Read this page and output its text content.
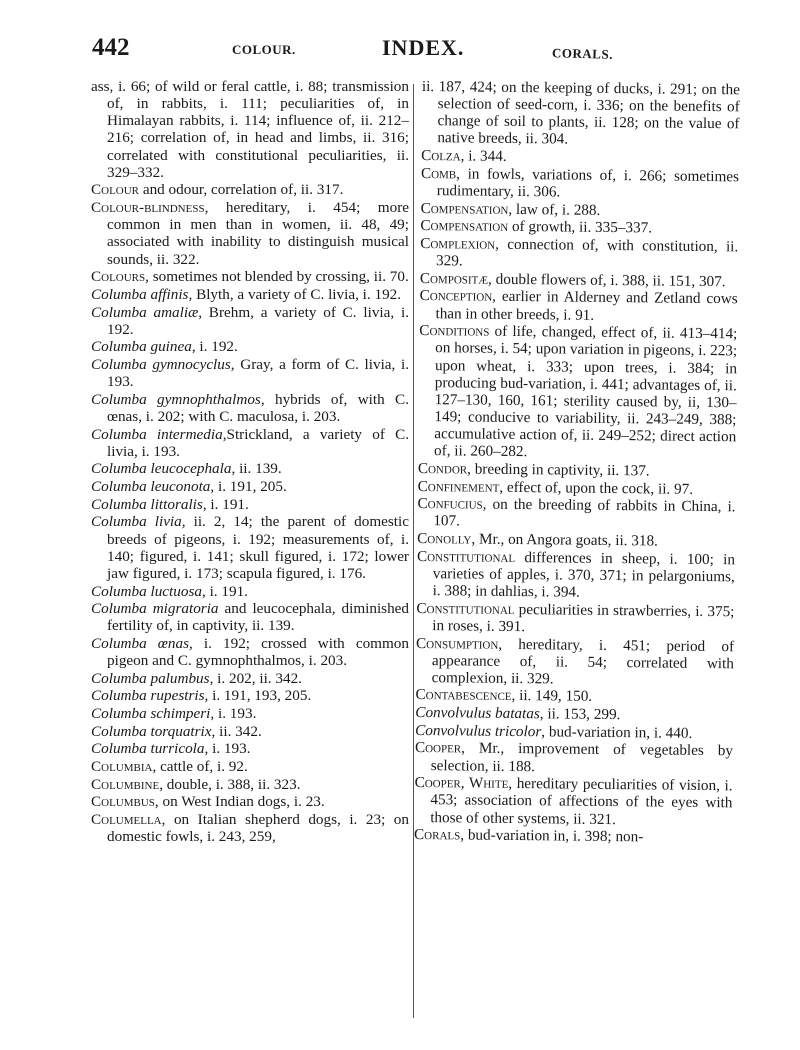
442	COLOUR.	INDEX.	CORALS.

ass, i. 66; of wild or feral cattle, i. 88; transmission of, in rabbits, i. 111; peculiarities of, in Himalayan rabbits, i. 114; influence of, ii. 212–216; correlation of, in head and limbs, ii. 316; correlated with constitutional peculiarities, ii. 329–332.

Colour and odour, correlation of, ii. 317.

Colour-blindness, hereditary, i. 454; more common in men than in women, ii. 48, 49; associated with inability to distinguish musical sounds, ii. 322.

Colours, sometimes not blended by crossing, ii. 70.

Columba affinis, Blyth, a variety of C. livia, i. 192.

Columba amaliæ, Brehm, a variety of C. livia, i. 192.

Columba guinea, i. 192.

Columba gymnocyclus, Gray, a form of C. livia, i. 193.

Columba gymnophthalmos, hybrids of, with C. œnas, i. 202; with C. maculosa, i. 203.

Columba intermedia,Strickland, a variety of C. livia, i. 193.

Columba leucocephala, ii. 139.

Columba leuconota, i. 191, 205.

Columba littoralis, i. 191.

Columba livia, ii. 2, 14; the parent of domestic breeds of pigeons, i. 192; measurements of, i. 140; figured, i. 141; skull figured, i. 172; lower jaw figured, i. 173; scapula figured, i. 176.

Columba luctuosa, i. 191.

Columba migratoria and leucocephala, diminished fertility of, in captivity, ii. 139.

Columba œnas, i. 192; crossed with common pigeon and C. gymnophthalmos, i. 203.

Columba palumbus, i. 202, ii. 342.

Columba rupestris, i. 191, 193, 205.

Columba schimperi, i. 193.

Columba torquatrix, ii. 342.

Columba turricola, i. 193.

Columbia, cattle of, i. 92.

Columbine, double, i. 388, ii. 323.

Columbus, on West Indian dogs, i. 23.

Columella, on Italian shepherd dogs, i. 23; on domestic fowls, i. 243, 259,

ii. 187, 424; on the keeping of ducks, i. 291; on the selection of seed-corn, i. 336; on the benefits of change of soil to plants, ii. 128; on the value of native breeds, ii. 304.

Colza, i. 344.

Comb, in fowls, variations of, i. 266; sometimes rudimentary, ii. 306.

Compensation, law of, i. 288.

Compensation of growth, ii. 335–337.

Complexion, connection of, with constitution, ii. 329.

Compositæ, double flowers of, i. 388, ii. 151, 307.

Conception, earlier in Alderney and Zetland cows than in other breeds, i. 91.

Conditions of life, changed, effect of, ii. 413–414; on horses, i. 54; upon variation in pigeons, i. 223; upon wheat, i. 333; upon trees, i. 384; in producing bud-variation, i. 441; advantages of, ii. 127–130, 160, 161; sterility caused by, ii, 130–149; conducive to variability, ii. 243–249, 388; accumulative action of, ii. 249–252; direct action of, ii. 260–282.

Condor, breeding in captivity, ii. 137.

Confinement, effect of, upon the cock, ii. 97.

Confucius, on the breeding of rabbits in China, i. 107.

Conolly, Mr., on Angora goats, ii. 318.

Constitutional differences in sheep, i. 100; in varieties of apples, i. 370, 371; in pelargoniums, i. 388; in dahlias, i. 394.

Constitutional peculiarities in strawberries, i. 375; in roses, i. 391.

Consumption, hereditary, i. 451; period of appearance of, ii. 54; correlated with complexion, ii. 329.

Contabescence, ii. 149, 150.

Convolvulus batatas, ii. 153, 299.

Convolvulus tricolor, bud-variation in, i. 440.

Cooper, Mr., improvement of vegetables by selection, ii. 188.

Cooper, White, hereditary peculiarities of vision, i. 453; association of affections of the eyes with those of other systems, ii. 321.

Corals, bud-variation in, i. 398; non-
